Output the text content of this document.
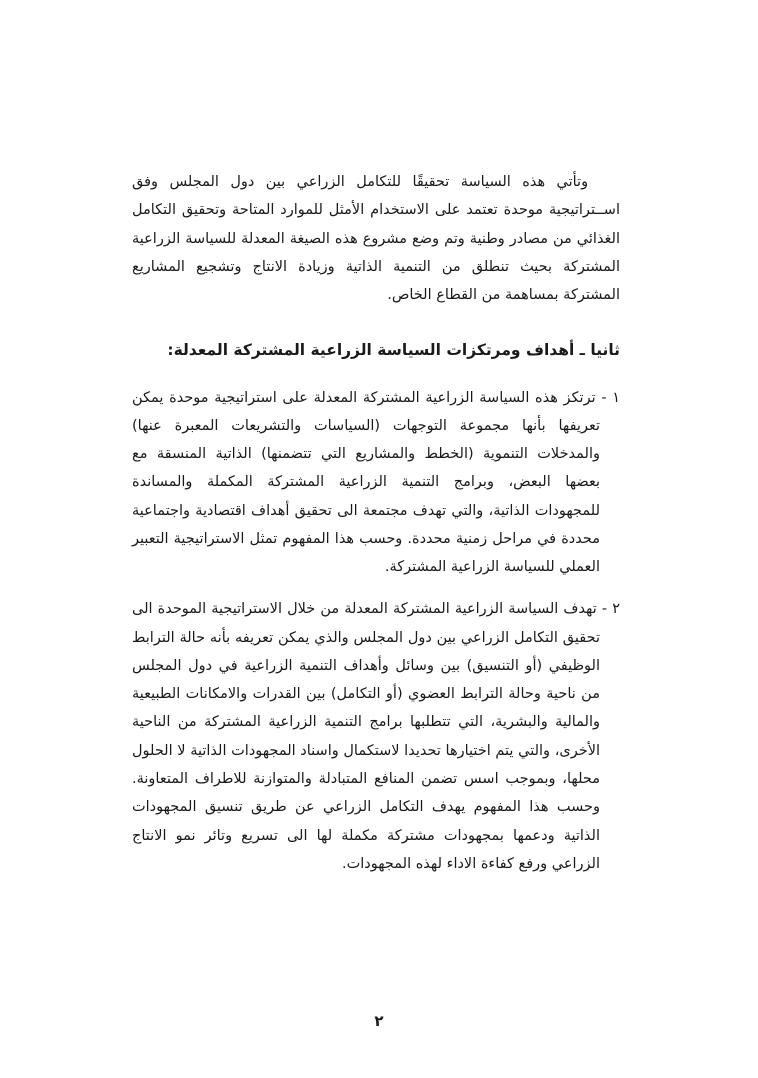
وتأتي هذه السياسة تحقيقًا للتكامل الزراعي بين دول المجلس وفق اســتراتيجية موحدة تعتمد على الاستخدام الأمثل للموارد المتاحة وتحقيق التكامل الغذائي من مصادر وطنية وتم وضع مشروع هذه الصيغة المعدلة للسياسة الزراعية المشتركة بحيث تنطلق من التنمية الذاتية وزيادة الانتاج وتشجيع المشاريع المشتركة بمساهمة من القطاع الخاص.

ثانيا ـ أهداف ومرتكزات السياسة الزراعية المشتركة المعدلة:

١ - ترتكز هذه السياسة الزراعية المشتركة المعدلة على استراتيجية موحدة يمكن تعريفها بأنها مجموعة التوجهات (السياسات والتشريعات المعبرة عنها) والمدخلات التنموية (الخطط والمشاريع التي تتضمنها) الذاتية المنسقة مع بعضها البعض، وبرامج التنمية الزراعية المشتركة المكملة والمساندة للمجهودات الذاتية، والتي تهدف مجتمعة الى تحقيق أهداف اقتصادية واجتماعية محددة في مراحل زمنية محددة. وحسب هذا المفهوم تمثل الاستراتيجية التعبير العملي للسياسة الزراعية المشتركة.

٢ - تهدف السياسة الزراعية المشتركة المعدلة من خلال الاستراتيجية الموحدة الى تحقيق التكامل الزراعي بين دول المجلس والذي يمكن تعريفه بأنه حالة الترابط الوظيفي (أو التنسيق) بين وسائل وأهداف التنمية الزراعية في دول المجلس من ناحية وحالة الترابط العضوي (أو التكامل) بين القدرات والامكانات الطبيعية والمالية والبشرية، التي تتطلبها برامج التنمية الزراعية المشتركة من الناحية الأخرى، والتي يتم اختيارها تحديدا لاستكمال واسناد المجهودات الذاتية لا الحلول محلها، وبموجب اسس تضمن المنافع المتبادلة والمتوازنة للاطراف المتعاونة. وحسب هذا المفهوم يهدف التكامل الزراعي عن طريق تنسيق المجهودات الذاتية ودعمها بمجهودات مشتركة مكملة لها الى تسريع وتائر نمو الانتاج الزراعي ورفع كفاءة الاداء لهذه المجهودات.

٢
